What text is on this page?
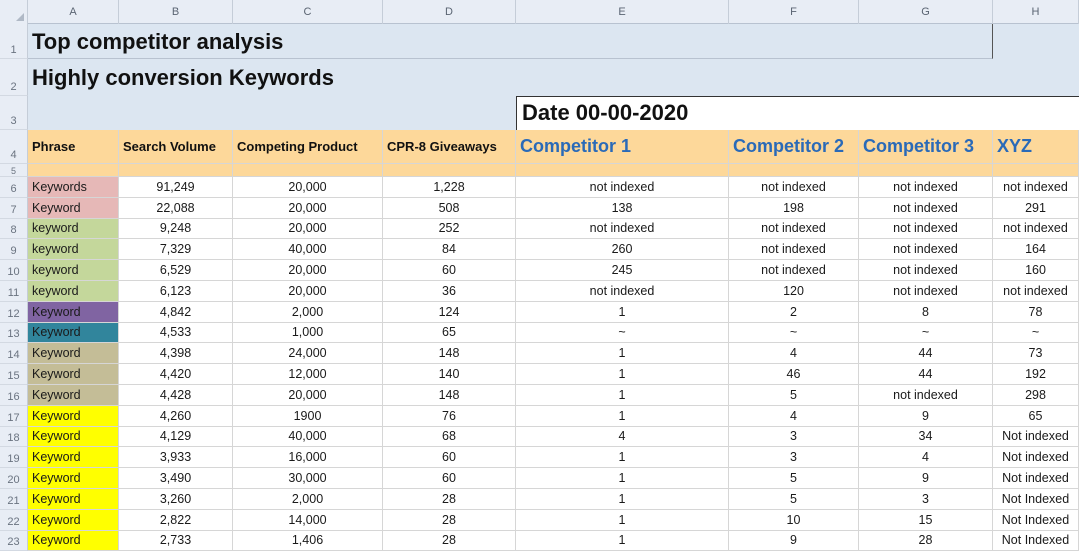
A	B	C	D	E	F	G	H
1 Top competitor analysis
2 Highly conversion Keywords
3	Date 00-00-2020
4
Phrase	Search Volume	Competing Product	CPR-8 Giveaways	Competitor 1	Competitor 2	Competitor 3	XYZ
5
6	Keywords	91,249	20,000	1,228	not indexed	not indexed	not indexed	not indexed
7	Keyword	22,088	20,000	508	138	198	not indexed	291
8	keyword	9,248	20,000	252	not indexed	not indexed	not indexed	not indexed
9	keyword	7,329	40,000	84	260	not indexed	not indexed	164
10 keyword	6,529	20,000	60	245	not indexed	not indexed	160
11	keyword	6,123	20,000	36	not indexed	120	not indexed	not indexed
12 Keyword	4,842	2,000	124	1	2	8	78
13 Keyword	4,533	1,000	65	~	~	~	~
14 Keyword	4,398	24,000	148	1	4	44	73
15 Keyword	4,420	12,000	140	1	46	44	192
16 Keyword	4,428	20,000	148	1	5	not indexed	298
17 Keyword	4,260	1900	76	1	4	9	65
18 Keyword	4,129	40,000	68	4	3	34	Not indexed
19 Keyword	3,933	16,000	60	1	3	4	Not indexed
20 Keyword	3,490	30,000	60	1	5	9	Not indexed
21 Keyword	3,260	2,000	28	1	5	3	Not Indexed
22 Keyword	2,822	14,000	28	1	10	15	Not Indexed
23 Keyword	2,733	1,406	28	1	9	28	Not Indexed
